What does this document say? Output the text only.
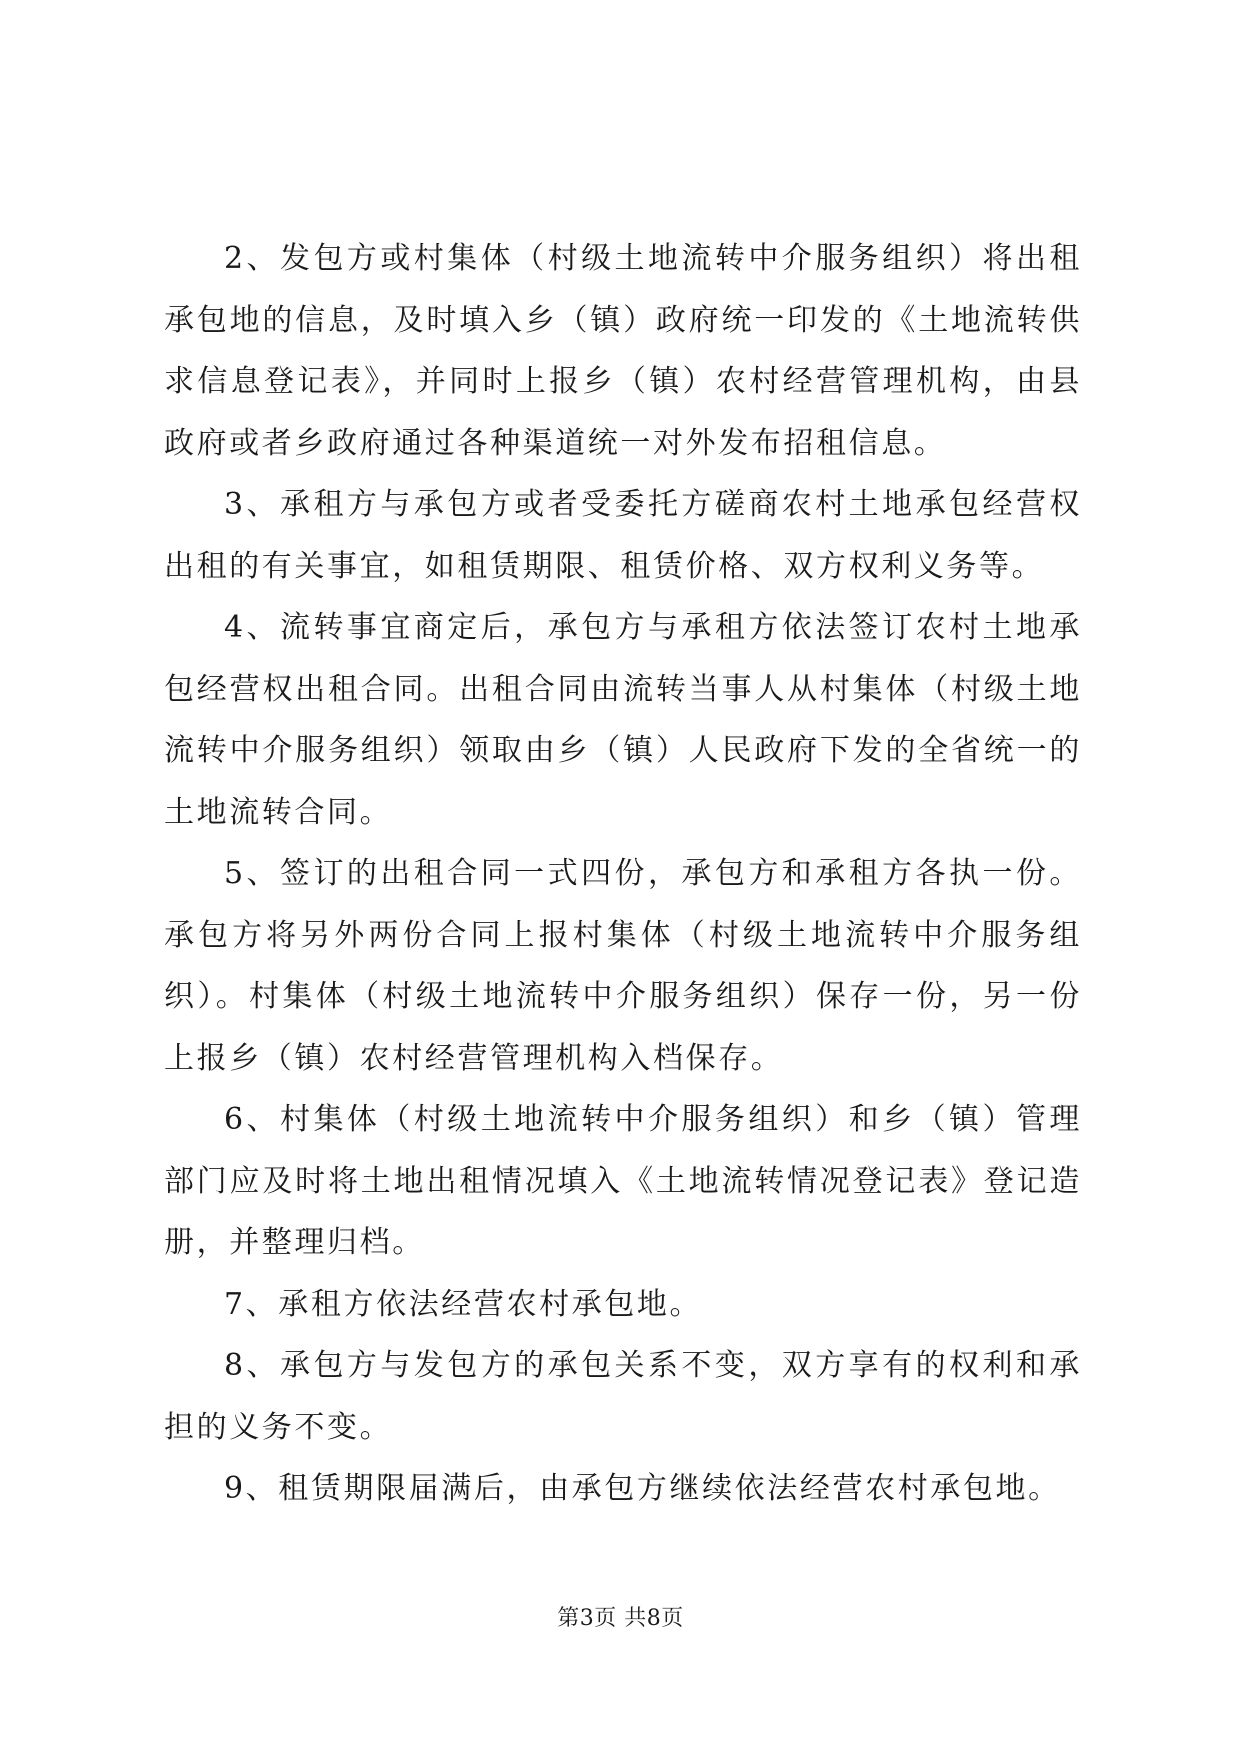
2、发包方或村集体（村级土地流转中介服务组织）将出租承包地的信息，及时填入乡（镇）政府统一印发的《土地流转供求信息登记表》，并同时上报乡（镇）农村经营管理机构，由县政府或者乡政府通过各种渠道统一对外发布招租信息。

3、承租方与承包方或者受委托方磋商农村土地承包经营权出租的有关事宜，如租赁期限、租赁价格、双方权利义务等。

4、流转事宜商定后，承包方与承租方依法签订农村土地承包经营权出租合同。出租合同由流转当事人从村集体（村级土地流转中介服务组织）领取由乡（镇）人民政府下发的全省统一的土地流转合同。

5、签订的出租合同一式四份，承包方和承租方各执一份。承包方将另外两份合同上报村集体（村级土地流转中介服务组织）。村集体（村级土地流转中介服务组织）保存一份，另一份上报乡（镇）农村经营管理机构入档保存。

6、村集体（村级土地流转中介服务组织）和乡（镇）管理部门应及时将土地出租情况填入《土地流转情况登记表》登记造册，并整理归档。

7、承租方依法经营农村承包地。

8、承包方与发包方的承包关系不变，双方享有的权利和承担的义务不变。

9、租赁期限届满后，由承包方继续依法经营农村承包地。

第3页 共8页
